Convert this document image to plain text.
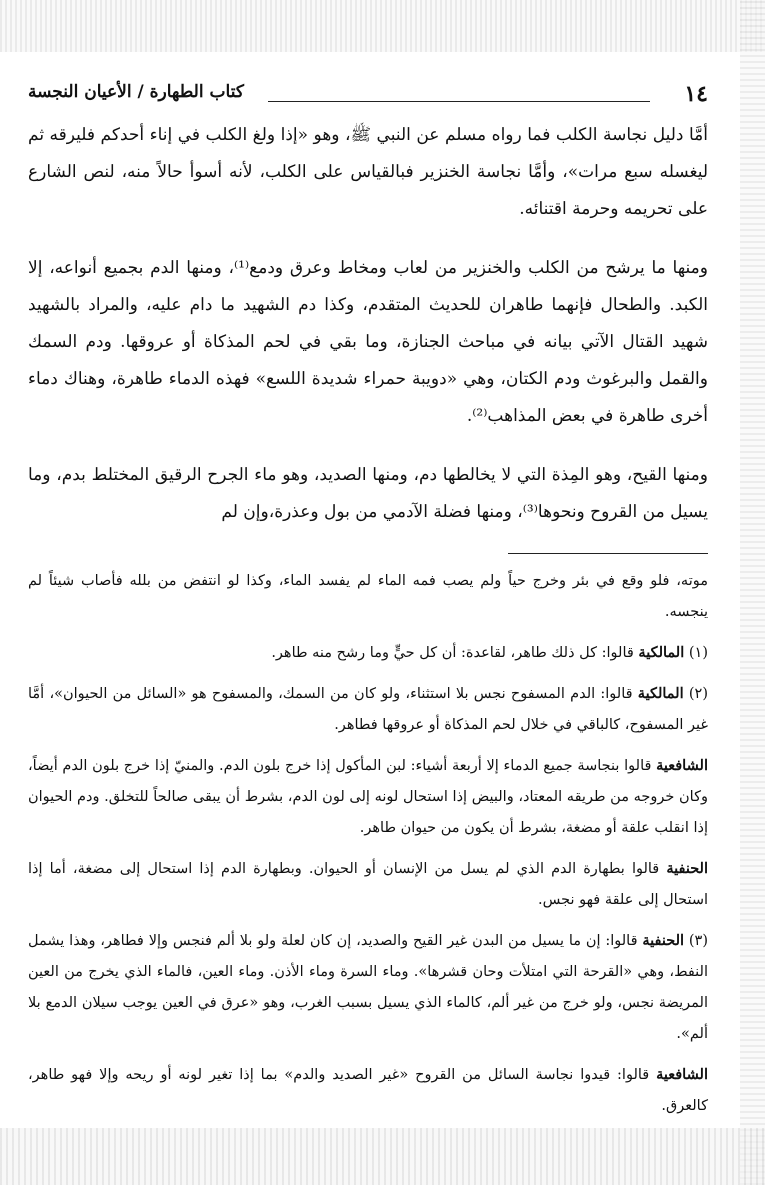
١٤
كتاب الطهارة / الأعيان النجسة

أمَّا دليل نجاسة الكلب فما رواه مسلم عن النبي ﷺ، وهو «إذا ولغ الكلب في إناء أحدكم فليرقه ثم ليغسله سبع مرات»، وأمَّا نجاسة الخنزير فبالقياس على الكلب، لأنه أسوأ حالاً منه، لنص الشارع على تحريمه وحرمة اقتنائه.

ومنها ما يرشح من الكلب والخنزير من لعاب ومخاط وعرق ودمع⁽¹⁾، ومنها الدم بجميع أنواعه، إلا الكبد. والطحال فإنهما طاهران للحديث المتقدم، وكذا دم الشهيد ما دام عليه، والمراد بالشهيد شهيد القتال الآتي بيانه في مباحث الجنازة، وما بقي في لحم المذكاة أو عروقها. ودم السمك والقمل والبرغوث ودم الكتان، وهي «دويبة حمراء شديدة اللسع» فهذه الدماء طاهرة، وهناك دماء أخرى طاهرة في بعض المذاهب⁽²⁾.

ومنها القيح، وهو المِذة التي لا يخالطها دم، ومنها الصديد، وهو ماء الجرح الرقيق المختلط بدم، وما يسيل من القروح ونحوها⁽³⁾، ومنها فضلة الآدمي من بول وعذرة،وإن لم

موته، فلو وقع في بئر وخرج حياً ولم يصب فمه الماء لم يفسد الماء، وكذا لو انتفض من بلله فأصاب شيئاً لم ينجسه.

(١) المالكية قالوا: كل ذلك طاهر، لقاعدة: أن كل حيٍّ وما رشح منه طاهر.

(٢) المالكية قالوا: الدم المسفوح نجس بلا استثناء، ولو كان من السمك، والمسفوح هو «السائل من الحيوان»، أمَّا غير المسفوح، كالباقي في خلال لحم المذكاة أو عروقها فطاهر.

الشافعية قالوا بنجاسة جميع الدماء إلا أربعة أشياء: لبن المأكول إذا خرج بلون الدم. والمنيّ إذا خرج بلون الدم أيضاً، وكان خروجه من طريقه المعتاد، والبيض إذا استحال لونه إلى لون الدم، بشرط أن يبقى صالحاً للتخلق. ودم الحيوان إذا انقلب علقة أو مضغة، بشرط أن يكون من حيوان طاهر.

الحنفية قالوا بطهارة الدم الذي لم يسل من الإنسان أو الحيوان. وبطهارة الدم إذا استحال إلى مضغة، أما إذا استحال إلى علقة فهو نجس.

(٣) الحنفية قالوا: إن ما يسيل من البدن غير القيح والصديد، إن كان لعلة ولو بلا ألم فنجس وإلا فطاهر، وهذا يشمل النفط، وهي «القرحة التي امتلأت وحان قشرها». وماء السرة وماء الأذن. وماء العين، فالماء الذي يخرج من العين المريضة نجس، ولو خرج من غير ألم، كالماء الذي يسيل بسبب الغرب، وهو «عرق في العين يوجب سيلان الدمع بلا ألم».

الشافعية قالوا: قيدوا نجاسة السائل من القروح «غير الصديد والدم» بما إذا تغير لونه أو ريحه وإلا فهو طاهر، كالعرق.
